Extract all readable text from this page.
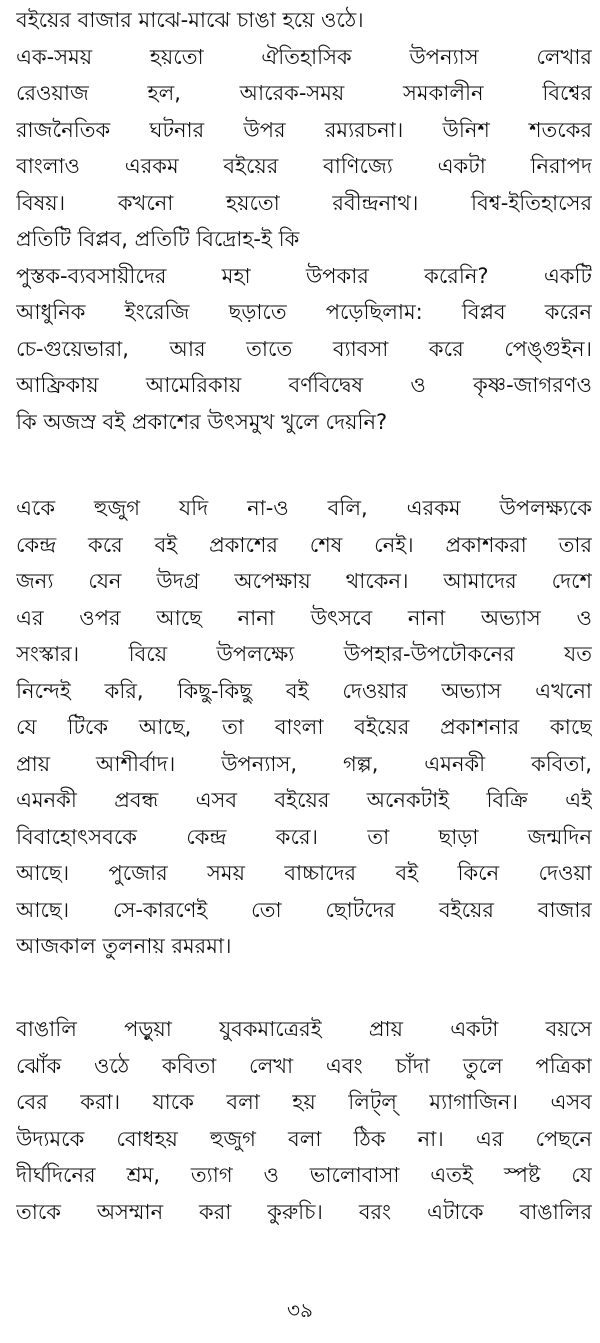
বইয়ের বাজার মাঝে-মাঝে চাঙা হয়ে ওঠে।
এক-সময় হয়তো ঐতিহাসিক উপন্যাস লেখার
রেওয়াজ হল, আরেক-সময় সমকালীন বিশ্বের
রাজনৈতিক ঘটনার উপর রম্যরচনা। উনিশ শতকের
বাংলাও এরকম বইয়ের বাণিজ্যে একটা নিরাপদ
বিষয়। কখনো হয়তো রবীন্দ্রনাথ। বিশ্ব-ইতিহাসের
প্রতিটি বিপ্লব, প্রতিটি বিদ্রোহ-ই কি
পুস্তক-ব্যবসায়ীদের মহা উপকার করেনি? একটি
আধুনিক ইংরেজি ছড়াতে পড়েছিলাম: বিপ্লব করেন
চে-গুয়েভারা, আর তাতে ব্যাবসা করে পেঙ্গুইন।
আফ্রিকায় আমেরিকায় বর্ণবিদ্বেষ ও কৃষ্ণ-জাগরণও
কি অজস্র বই প্রকাশের উৎসমুখ খুলে দেয়নি?
একে হুজুগ যদি না-ও বলি, এরকম উপলক্ষ্যকে
কেন্দ্র করে বই প্রকাশের শেষ নেই। প্রকাশকরা তার
জন্য যেন উদগ্র অপেক্ষায় থাকেন। আমাদের দেশে
এর ওপর আছে নানা উৎসবে নানা অভ্যাস ও
সংস্কার। বিয়ে উপলক্ষ্যে উপহার-উপঢৌকনের যত
নিন্দেই করি, কিছু-কিছু বই দেওয়ার অভ্যাস এখনো
যে টিকে আছে, তা বাংলা বইয়ের প্রকাশনার কাছে
প্রায় আশীর্বাদ। উপন্যাস, গল্প, এমনকী কবিতা,
এমনকী প্রবন্ধ এসব বইয়ের অনেকটাই বিক্রি এই
বিবাহোৎসবকে কেন্দ্র করে। তা ছাড়া জন্মদিন
আছে। পুজোর সময় বাচ্চাদের বই কিনে দেওয়া
আছে। সে-কারণেই তো ছোটদের বইয়ের বাজার
আজকাল তুলনায় রমরমা।
বাঙালি পড়ুয়া যুবকমাত্রেরই প্রায় একটা বয়সে
ঝোঁক ওঠে কবিতা লেখা এবং চাঁদা তুলে পত্রিকা
বের করা। যাকে বলা হয় লিট্‌ল্ ম্যাগাজিন। এসব
উদ্যমকে বোধহয় হুজুগ বলা ঠিক না। এর পেছনে
দীর্ঘদিনের শ্রম, ত্যাগ ও ভালোবাসা এতই স্পষ্ট যে
তাকে অসম্মান করা কুরুচি। বরং এটাকে বাঙালির
৩৯
